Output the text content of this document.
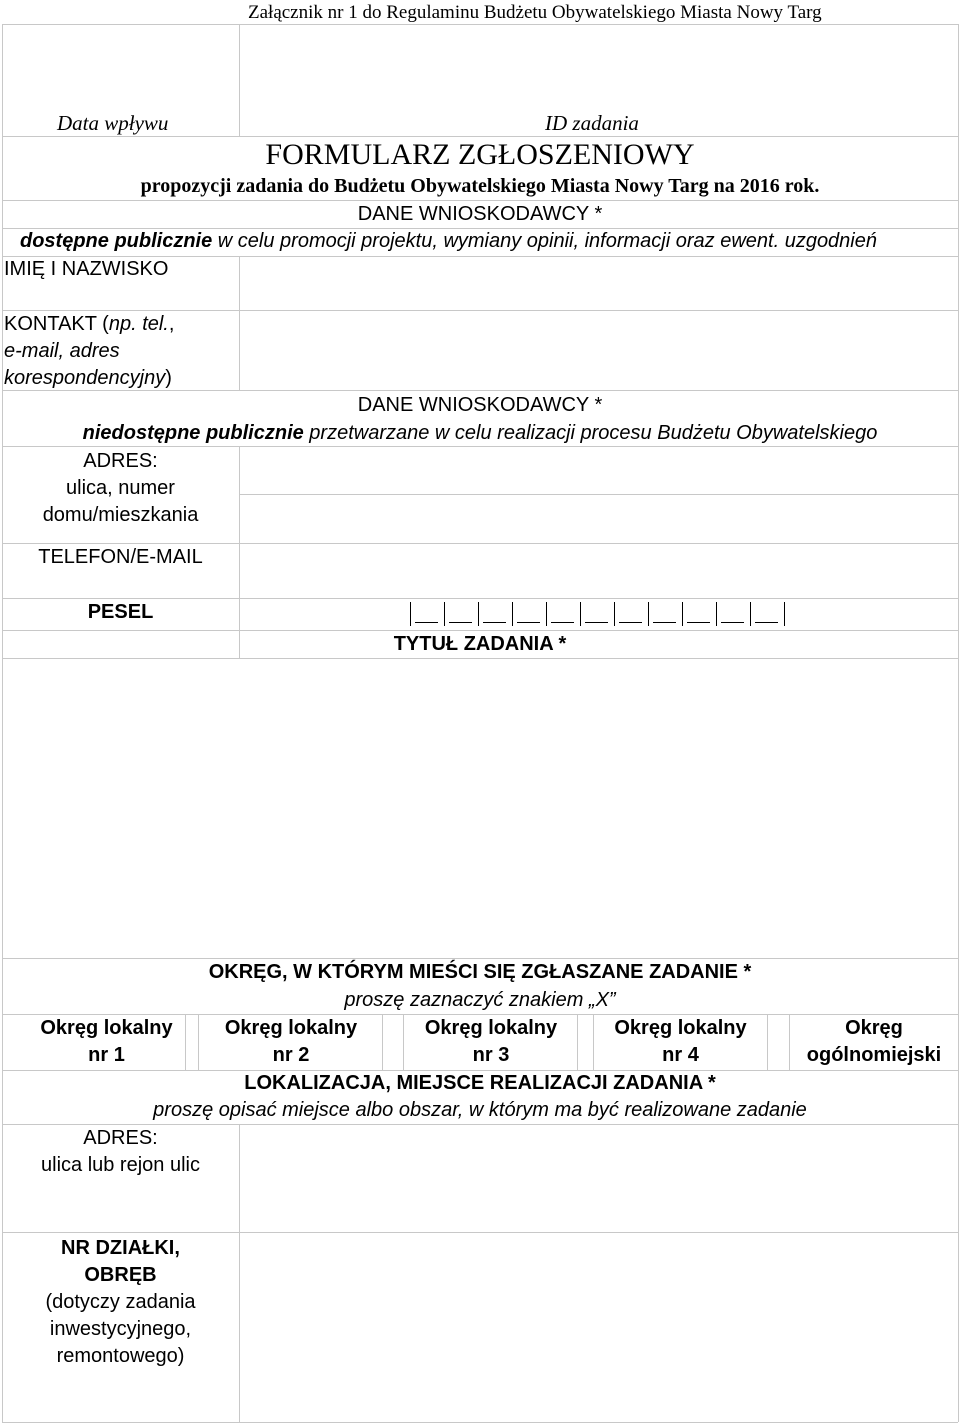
Załącznik nr 1 do Regulaminu Budżetu Obywatelskiego Miasta Nowy Targ
Data wpływu	ID zadania
FORMULARZ ZGŁOSZENIOWY
propozycji zadania do Budżetu Obywatelskiego Miasta Nowy Targ na 2016 rok.
DANE WNIOSKODAWCY *
dostępne publicznie w celu promocji projektu, wymiany opinii, informacji oraz ewent. uzgodnień
IMIĘ I NAZWISKO
KONTAKT (np. tel.,
e-mail, adres
korespondencyjny)
DANE WNIOSKODAWCY *
niedostępne publicznie przetwarzane w celu realizacji procesu Budżetu Obywatelskiego
ADRES:
ulica, numer
domu/mieszkania
TELEFON/E-MAIL
PESEL
TYTUŁ ZADANIA *
OKRĘG, W KTÓRYM MIEŚCI SIĘ ZGŁASZANE ZADANIE *
proszę zaznaczyć znakiem „X”
Okręg lokalny
nr 1
Okręg lokalny
nr 2
Okręg lokalny
nr 3
Okręg lokalny
nr 4
Okręg
ogólnomiejski
LOKALIZACJA, MIEJSCE REALIZACJI ZADANIA *
proszę opisać miejsce albo obszar, w którym ma być realizowane zadanie
ADRES:
ulica lub rejon ulic
NR DZIAŁKI,
OBRĘB
(dotyczy zadania
inwestycyjnego,
remontowego)
